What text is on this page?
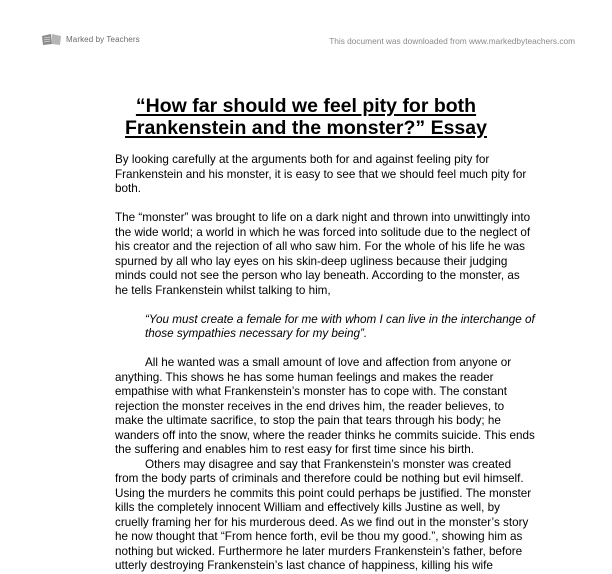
Marked by Teachers	This document was downloaded from www.markedbyteachers.com
“How far should we feel pity for both
Frankenstein and the monster?” Essay

By looking carefully at the arguments both for and against feeling pity for Frankenstein and his monster, it is easy to see that we should feel much pity for both.

The “monster” was brought to life on a dark night and thrown into unwittingly into the wide world; a world in which he was forced into solitude due to the neglect of his creator and the rejection of all who saw him. For the whole of his life he was spurned by all who lay eyes on his skin-deep ugliness because their judging minds could not see the person who lay beneath. According to the monster, as he tells Frankenstein whilst talking to him,

“You must create a female for me with whom I can live in the interchange of those sympathies necessary for my being”.

All he wanted was a small amount of love and affection from anyone or anything. This shows he has some human feelings and makes the reader empathise with what Frankenstein’s monster has to cope with. The constant rejection the monster receives in the end drives him, the reader believes, to make the ultimate sacrifice, to stop the pain that tears through his body; he wanders off into the snow, where the reader thinks he commits suicide. This ends the suffering and enables him to rest easy for first time since his birth.

Others may disagree and say that Frankenstein’s monster was created from the body parts of criminals and therefore could be nothing but evil himself. Using the murders he commits this point could perhaps be justified. The monster kills the completely innocent William and effectively kills Justine as well, by cruelly framing her for his murderous deed. As we find out in the monster’s story he now thought that “From hence forth, evil be thou my good.”, showing him as nothing but wicked. Furthermore he later murders Frankenstein’s father, before utterly destroying Frankenstein’s last chance of happiness, killing his wife
